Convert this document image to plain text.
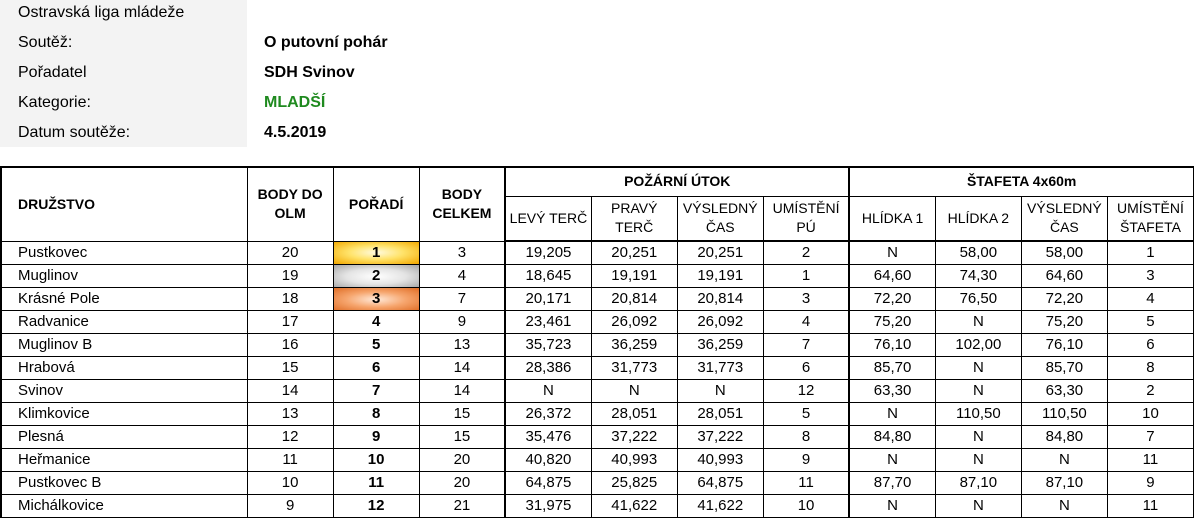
Ostravská liga mládeže
Soutěž:	O putovní pohár
Pořadatel	SDH Svinov
Kategorie:	MLADŠÍ
Datum soutěže:	4.5.2019
DRUŽSTVO	BODY DO OLM	POŘADÍ	BODY CELKEM	POŽÁRNÍ ÚTOK				ŠTAFETA 4x60m			
				LEVÝ TERČ	PRAVÝ TERČ	VÝSLEDNÝ ČAS	UMÍSTĚNÍ PÚ	HLÍDKA 1	HLÍDKA 2	VÝSLEDNÝ ČAS	UMÍSTĚNÍ ŠTAFETA
Pustkovec	20	1	3	19,205	20,251	20,251	2	N	58,00	58,00	1
Muglinov	19	2	4	18,645	19,191	19,191	1	64,60	74,30	64,60	3
Krásné Pole	18	3	7	20,171	20,814	20,814	3	72,20	76,50	72,20	4
Radvanice	17	4	9	23,461	26,092	26,092	4	75,20	N	75,20	5
Muglinov B	16	5	13	35,723	36,259	36,259	7	76,10	102,00	76,10	6
Hrabová	15	6	14	28,386	31,773	31,773	6	85,70	N	85,70	8
Svinov	14	7	14	N	N	N	12	63,30	N	63,30	2
Klimkovice	13	8	15	26,372	28,051	28,051	5	N	110,50	110,50	10
Plesná	12	9	15	35,476	37,222	37,222	8	84,80	N	84,80	7
Heřmanice	11	10	20	40,820	40,993	40,993	9	N	N	N	11
Pustkovec B	10	11	20	64,875	25,825	64,875	11	87,70	87,10	87,10	9
Michálkovice	9	12	21	31,975	41,622	41,622	10	N	N	N	11
